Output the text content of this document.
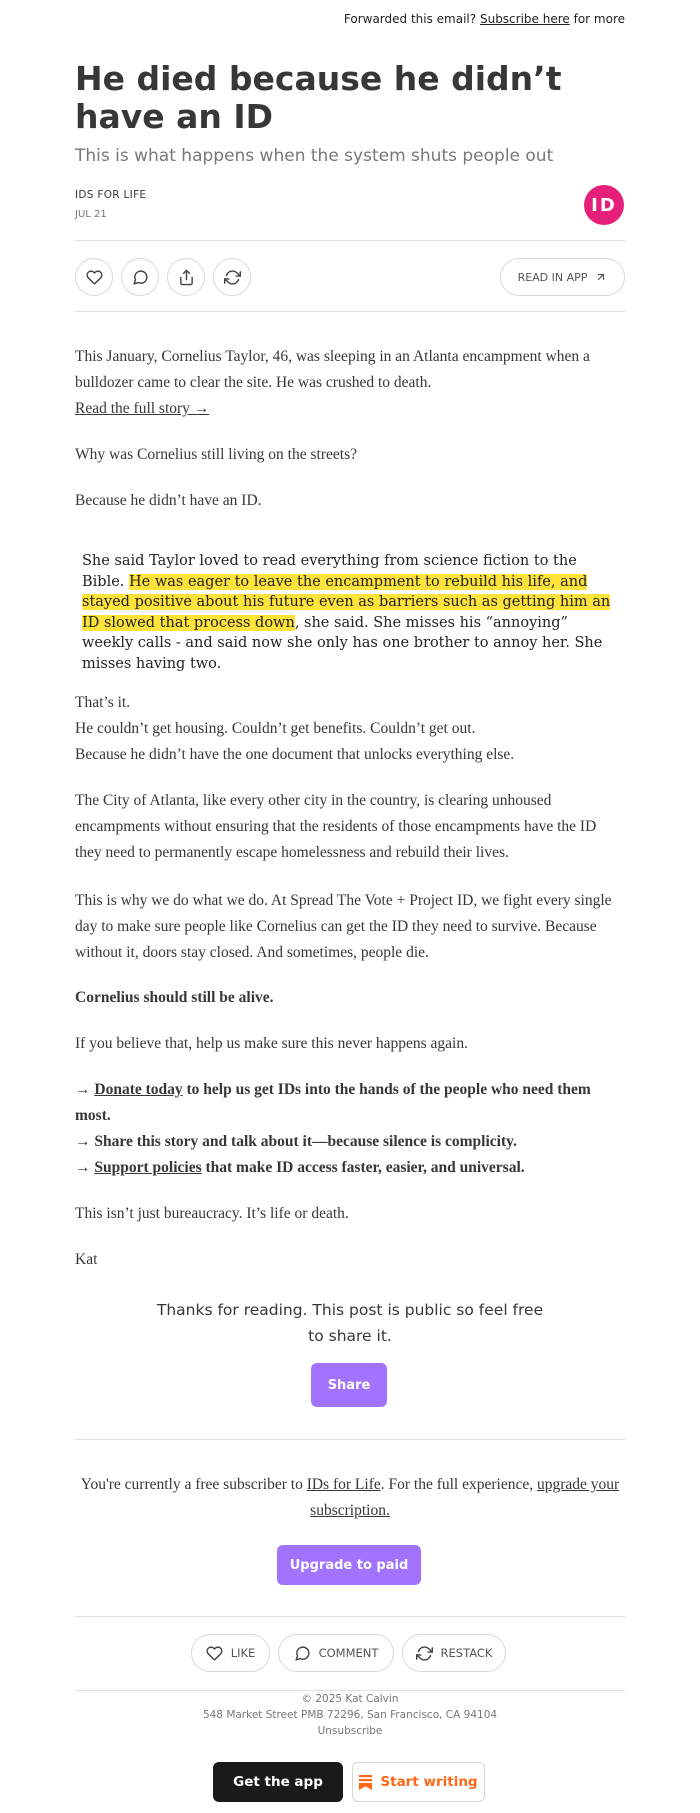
Forwarded this email? Subscribe here for more
He died because he didn’t have an ID
This is what happens when the system shuts people out
IDS FOR LIFE
JUL 21	ID
READ IN APP
This January, Cornelius Taylor, 46, was sleeping in an Atlanta encampment when a bulldozer came to clear the site. He was crushed to death.
Read the full story →
Why was Cornelius still living on the streets?
Because he didn’t have an ID.
She said Taylor loved to read everything from science fiction to the Bible. He was eager to leave the encampment to rebuild his life, and stayed positive about his future even as barriers such as getting him an ID slowed that process down, she said. She misses his “annoying” weekly calls - and said now she only has one brother to annoy her. She misses having two.
That’s it.
He couldn’t get housing. Couldn’t get benefits. Couldn’t get out.
Because he didn’t have the one document that unlocks everything else.
The City of Atlanta, like every other city in the country, is clearing unhoused encampments without ensuring that the residents of those encampments have the ID they need to permanently escape homelessness and rebuild their lives.
This is why we do what we do. At Spread The Vote + Project ID, we fight every single day to make sure people like Cornelius can get the ID they need to survive. Because without it, doors stay closed. And sometimes, people die.
Cornelius should still be alive.
If you believe that, help us make sure this never happens again.
→ Donate today to help us get IDs into the hands of the people who need them most.
→ Share this story and talk about it—because silence is complicity.
→ Support policies that make ID access faster, easier, and universal.
This isn’t just bureaucracy. It’s life or death.
Kat
Thanks for reading. This post is public so feel free to share it.
Share
You're currently a free subscriber to IDs for Life. For the full experience, upgrade your subscription.
Upgrade to paid
LIKE	COMMENT	RESTACK
© 2025 Kat Calvin
548 Market Street PMB 72296, San Francisco, CA 94104
Unsubscribe
Get the app	Start writing
